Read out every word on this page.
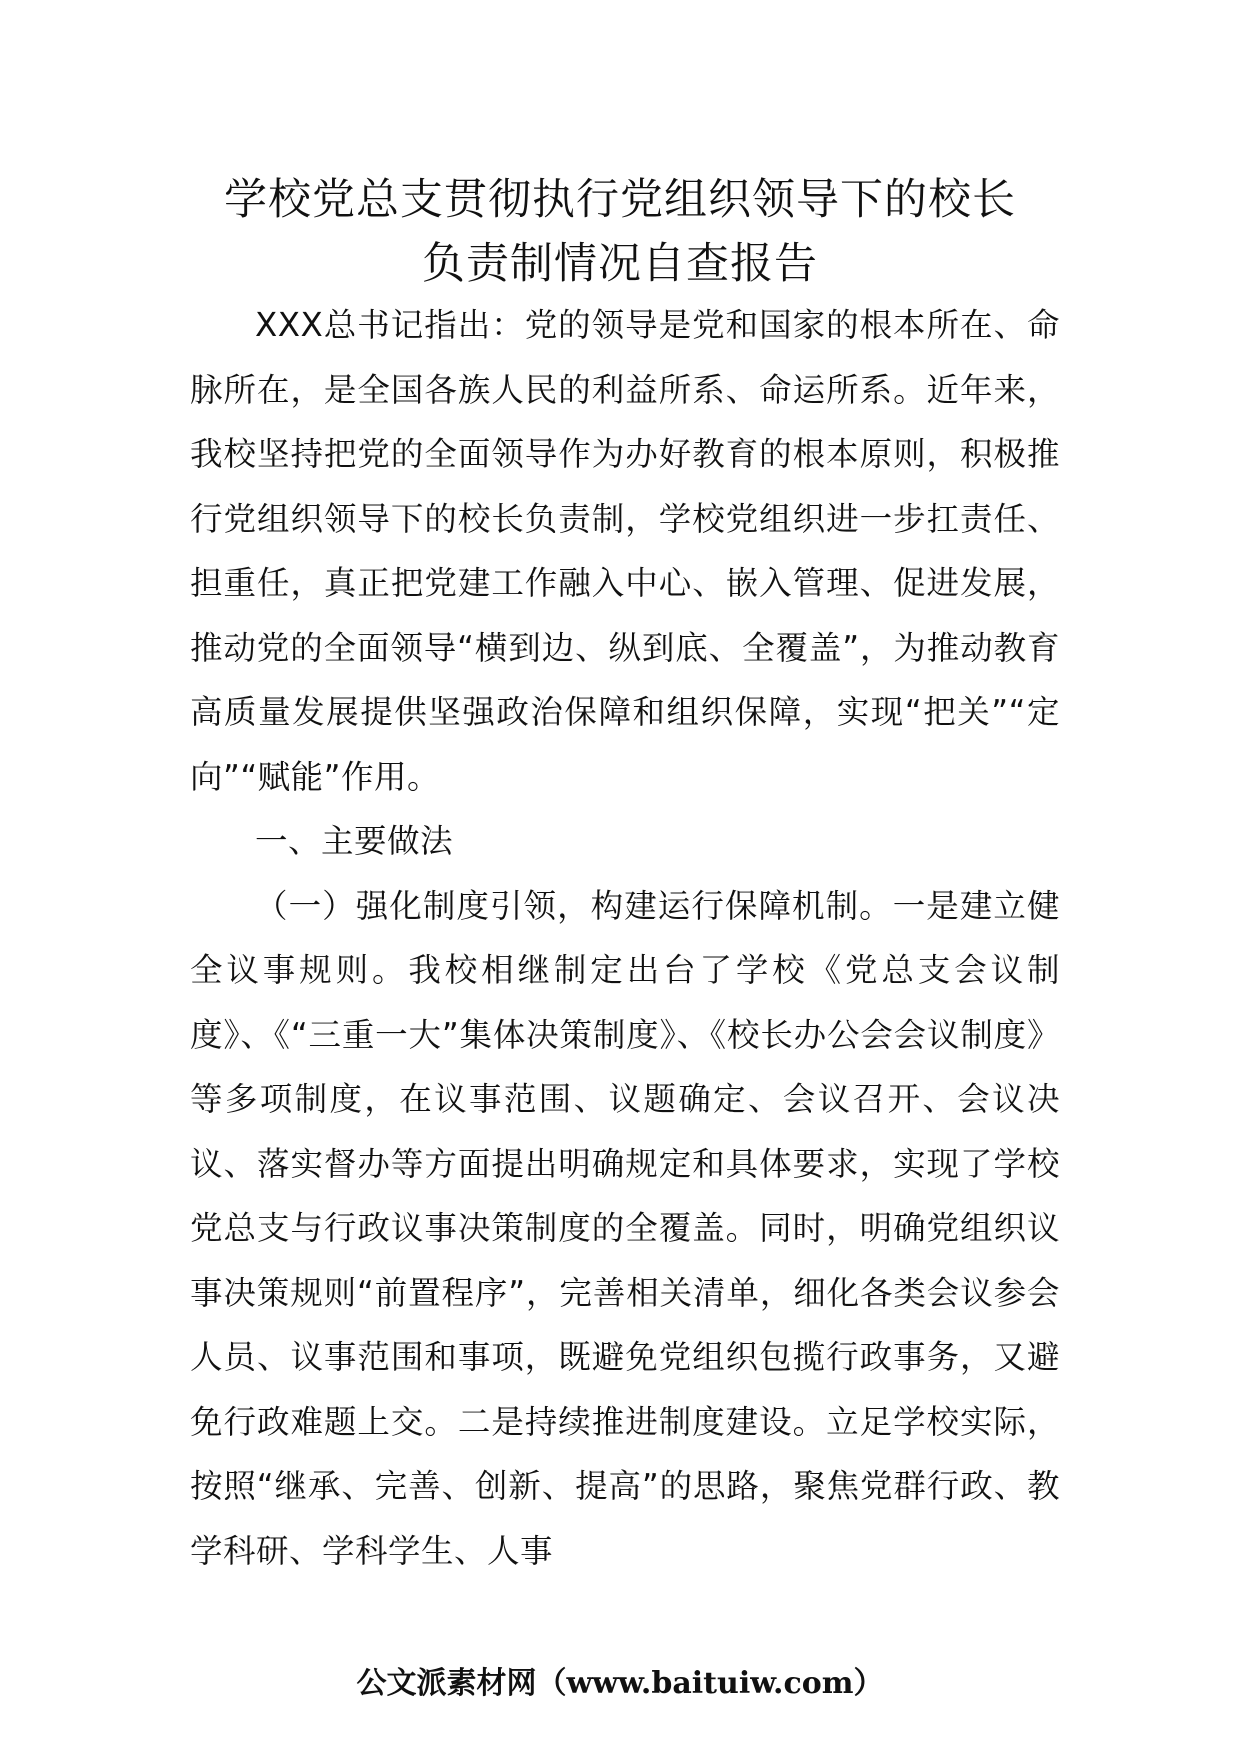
学校党总支贯彻执行党组织领导下的校长
负责制情况自查报告

XXX总书记指出：党的领导是党和国家的根本所在、命脉所在，是全国各族人民的利益所系、命运所系。近年来，我校坚持把党的全面领导作为办好教育的根本原则，积极推行党组织领导下的校长负责制，学校党组织进一步扛责任、担重任，真正把党建工作融入中心、嵌入管理、促进发展，推动党的全面领导“横到边、纵到底、全覆盖”，为推动教育高质量发展提供坚强政治保障和组织保障，实现“把关”“定向”“赋能”作用。

一、主要做法

（一）强化制度引领，构建运行保障机制。一是建立健全议事规则。我校相继制定出台了学校《党总支会议制度》、《“三重一大”集体决策制度》、《校长办公会会议制度》等多项制度，在议事范围、议题确定、会议召开、会议决议、落实督办等方面提出明确规定和具体要求，实现了学校党总支与行政议事决策制度的全覆盖。同时，明确党组织议事决策规则“前置程序”，完善相关清单，细化各类会议参会人员、议事范围和事项，既避免党组织包揽行政事务，又避免行政难题上交。二是持续推进制度建设。立足学校实际，按照“继承、完善、创新、提高”的思路，聚焦党群行政、教学科研、学科学生、人事

公文派素材网（www.baituiw.com）
